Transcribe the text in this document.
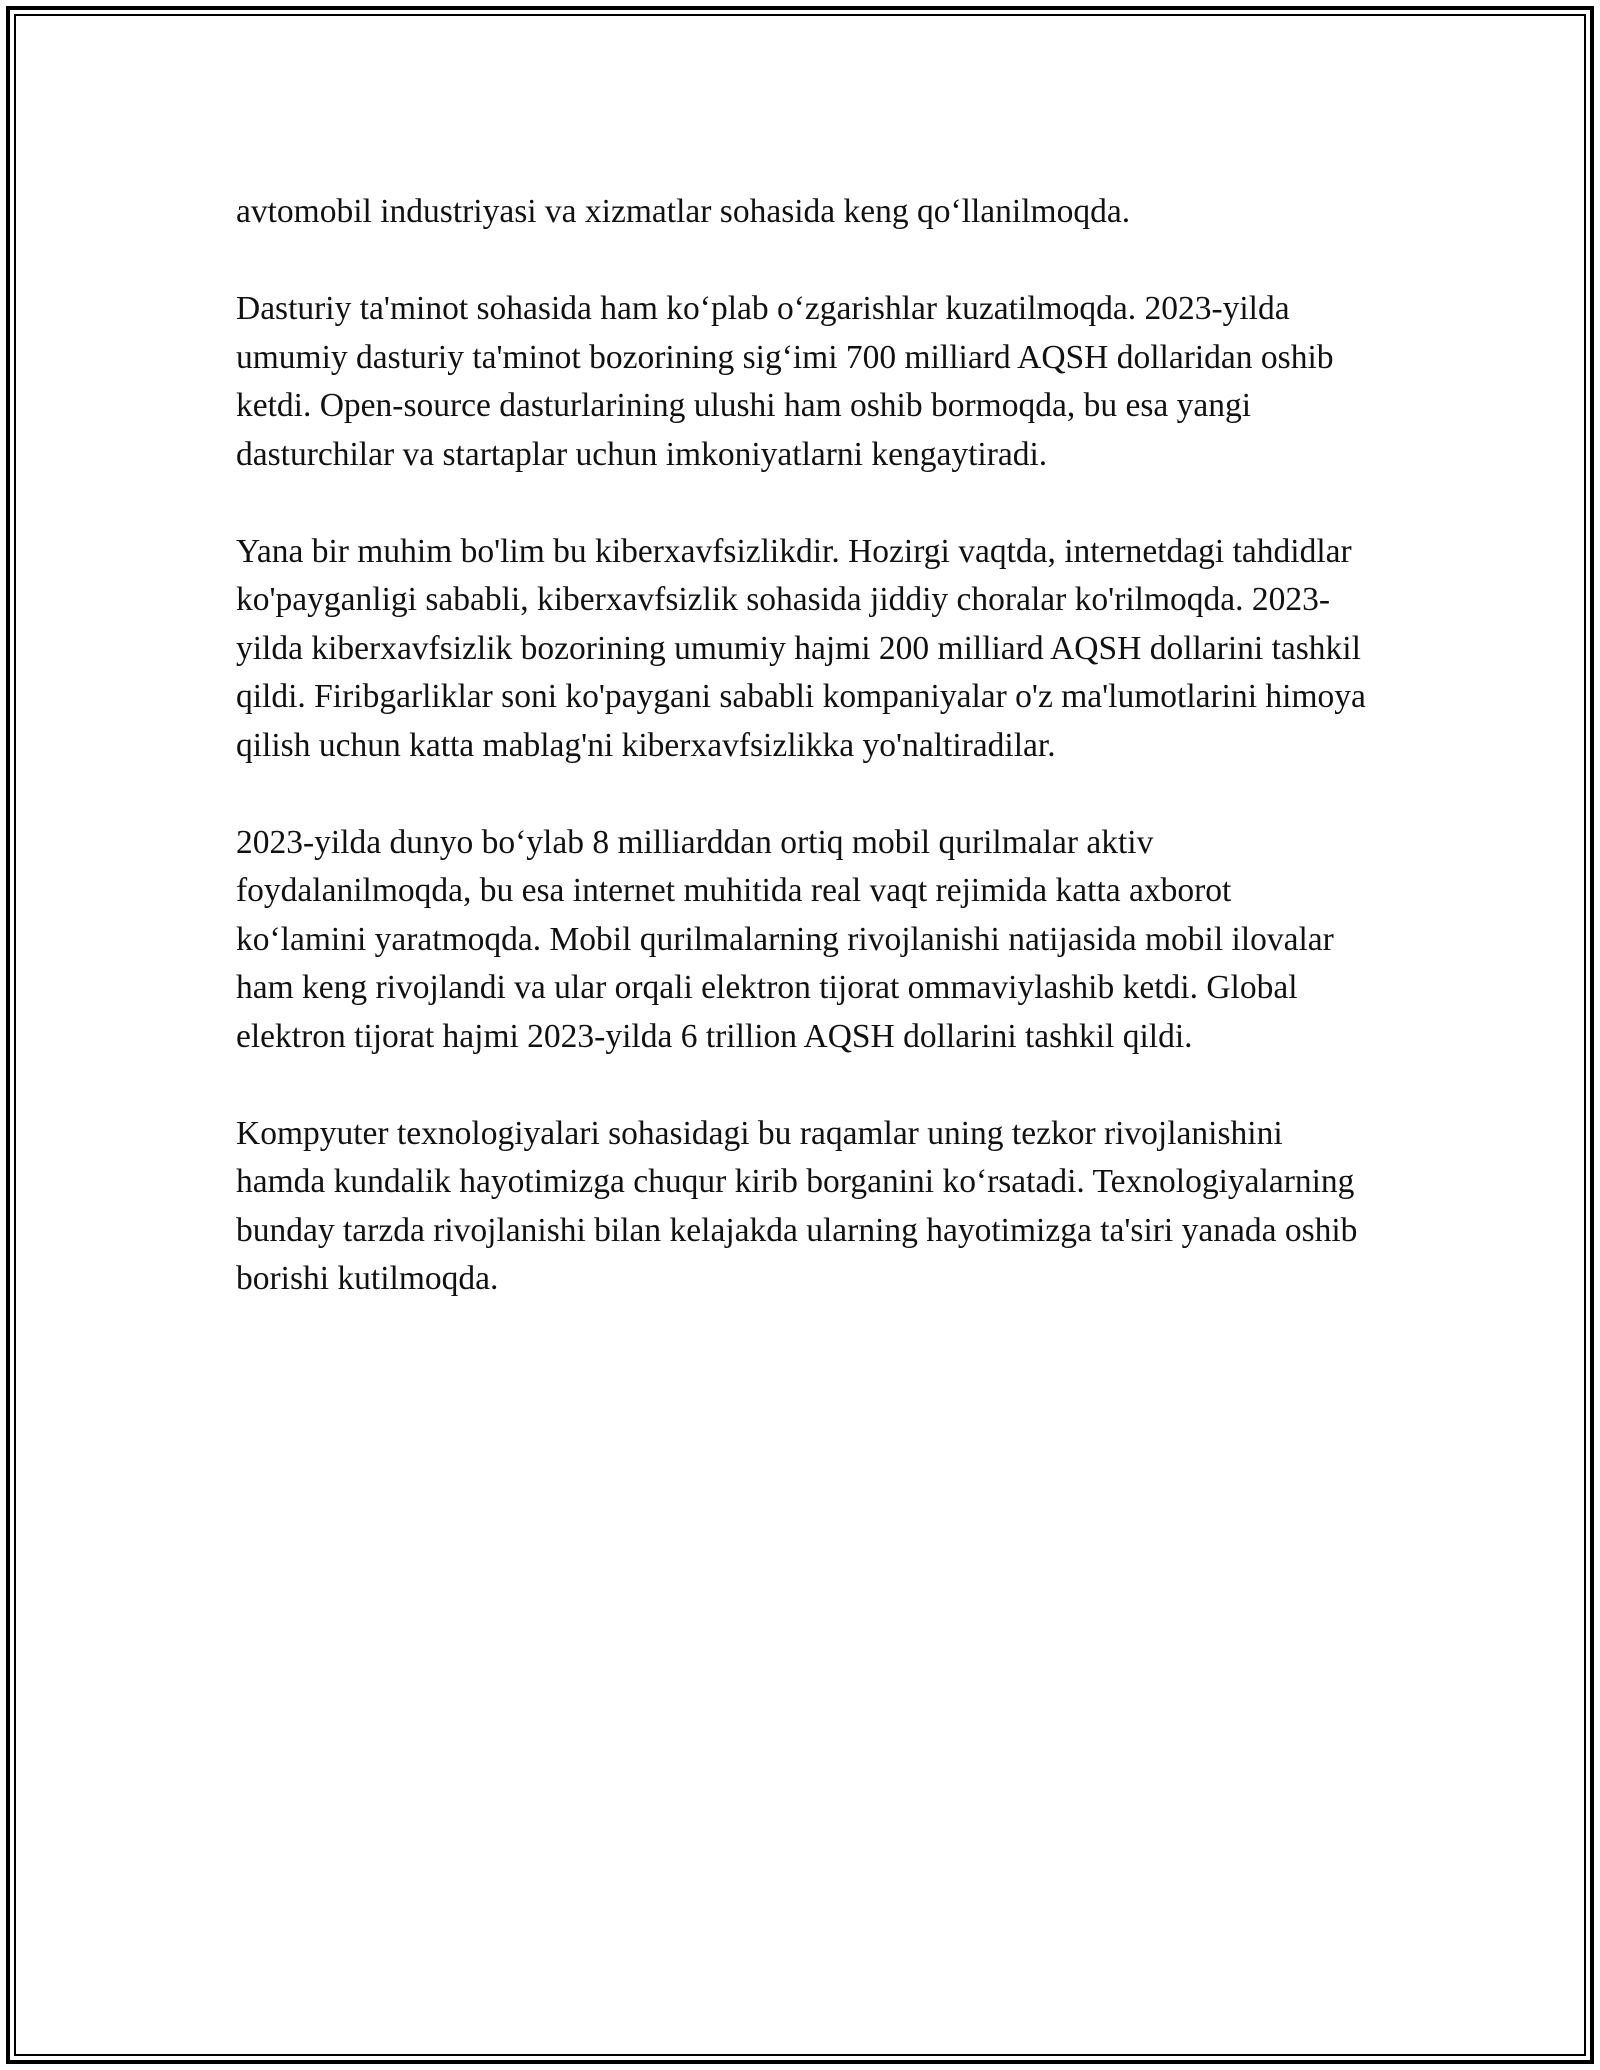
avtomobil industriyasi va xizmatlar sohasida keng qo‘llanilmoqda.

Dasturiy ta'minot sohasida ham ko‘plab o‘zgarishlar kuzatilmoqda. 2023-yilda umumiy dasturiy ta'minot bozorining sig‘imi 700 milliard AQSH dollaridan oshib ketdi. Open-source dasturlarining ulushi ham oshib bormoqda, bu esa yangi dasturchilar va startaplar uchun imkoniyatlarni kengaytiradi.

Yana bir muhim bo'lim bu kiberxavfsizlikdir. Hozirgi vaqtda, internetdagi tahdidlar ko'payganligi sababli, kiberxavfsizlik sohasida jiddiy choralar ko'rilmoqda. 2023-yilda kiberxavfsizlik bozorining umumiy hajmi 200 milliard AQSH dollarini tashkil qildi. Firibgarliklar soni ko'paygani sababli kompaniyalar o'z ma'lumotlarini himoya qilish uchun katta mablag'ni kiberxavfsizlikka yo'naltiradilar.

2023-yilda dunyo bo‘ylab 8 milliarddan ortiq mobil qurilmalar aktiv foydalanilmoqda, bu esa internet muhitida real vaqt rejimida katta axborot ko‘lamini yaratmoqda. Mobil qurilmalarning rivojlanishi natijasida mobil ilovalar ham keng rivojlandi va ular orqali elektron tijorat ommaviylashib ketdi. Global elektron tijorat hajmi 2023-yilda 6 trillion AQSH dollarini tashkil qildi.

Kompyuter texnologiyalari sohasidagi bu raqamlar uning tezkor rivojlanishini hamda kundalik hayotimizga chuqur kirib borganini ko‘rsatadi. Texnologiyalarning bunday tarzda rivojlanishi bilan kelajakda ularning hayotimizga ta'siri yanada oshib borishi kutilmoqda.
